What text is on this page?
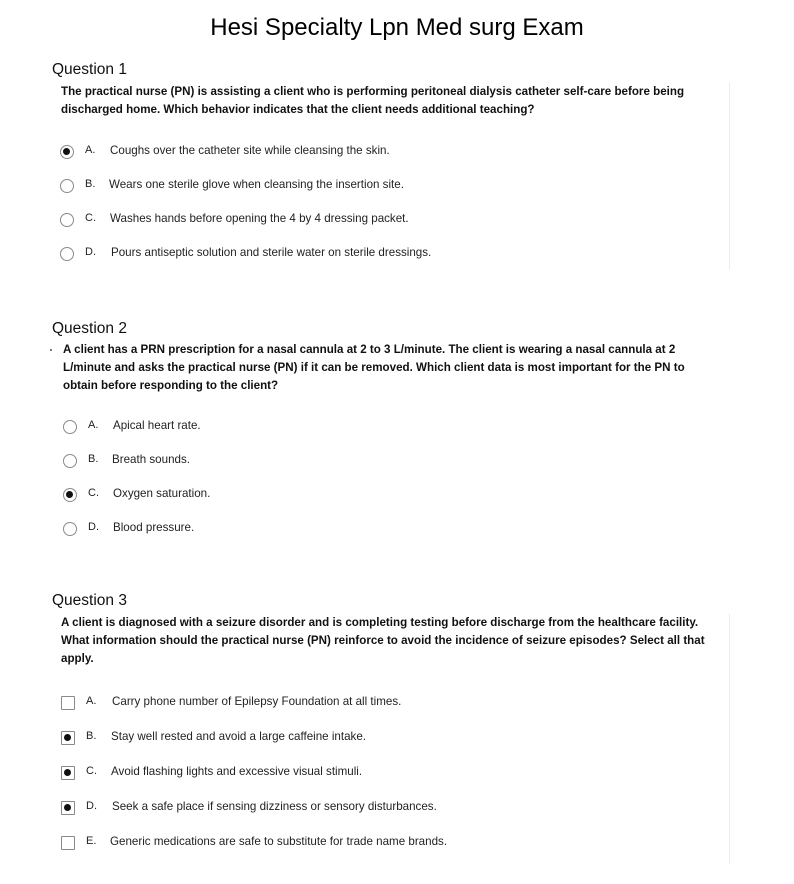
Hesi Specialty Lpn Med surg Exam
Question 1
The practical nurse (PN) is assisting a client who is performing peritoneal dialysis catheter self-care before being discharged home. Which behavior indicates that the client needs additional teaching?
A. Coughs over the catheter site while cleansing the skin.
B. Wears one sterile glove when cleansing the insertion site.
C. Washes hands before opening the 4 by 4 dressing packet.
D. Pours antiseptic solution and sterile water on sterile dressings.
Question 2
A client has a PRN prescription for a nasal cannula at 2 to 3 L/minute. The client is wearing a nasal cannula at 2 L/minute and asks the practical nurse (PN) if it can be removed. Which client data is most important for the PN to obtain before responding to the client?
A. Apical heart rate.
B. Breath sounds.
C. Oxygen saturation.
D. Blood pressure.
Question 3
A client is diagnosed with a seizure disorder and is completing testing before discharge from the healthcare facility. What information should the practical nurse (PN) reinforce to avoid the incidence of seizure episodes? Select all that apply.
A. Carry phone number of Epilepsy Foundation at all times.
B. Stay well rested and avoid a large caffeine intake.
C. Avoid flashing lights and excessive visual stimuli.
D. Seek a safe place if sensing dizziness or sensory disturbances.
E. Generic medications are safe to substitute for trade name brands.
